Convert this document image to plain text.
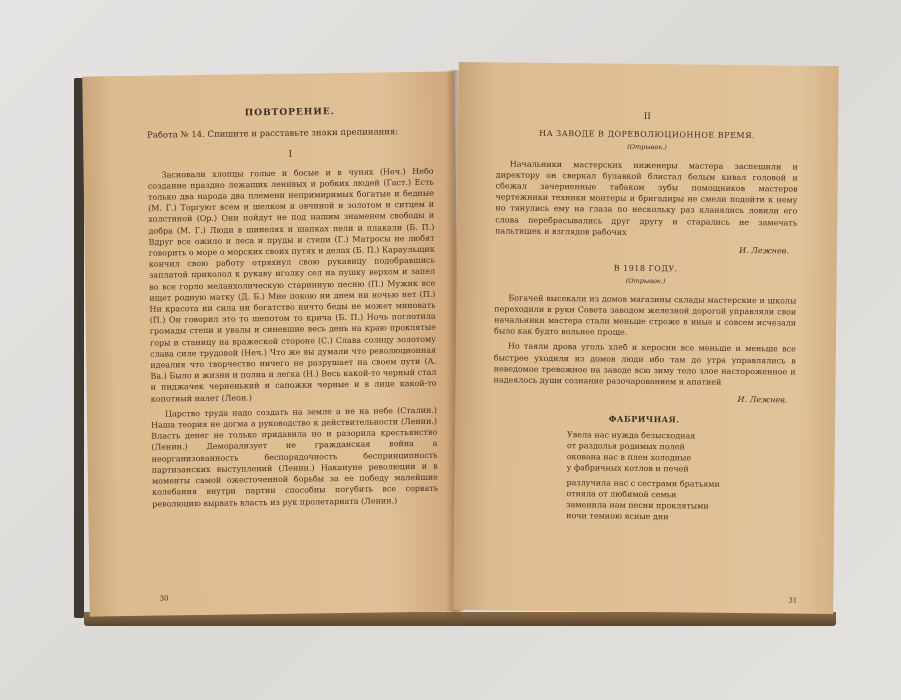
ПОВТОРЕНИЕ.
Работа № 14. Спишите и расставьте знаки препинания:
I

Засновали хлопцы голые и босые и в чунях (Неч.) Небо создание праздно лежащих ленивых и робких людей (Гаст.) Есть только два народа два племени непримиримых богатые и бедные (М. Г.) Торгуют всем и шелком и овчиной и золотом и ситцем и холстиной (Ор.) Они пойдут не под нашим знаменем свободы и добра (М. Г.) Люди в шинелях и шапках пели и плакали (Б. П.) Вдруг все ожило и леса и пруды и степи (Г.) Матросы не любят говорить о море о морских своих путях и делах (Б. П.) Караульщик кончил свою работу отряхнул свою рукавицу подобравшись заплатой приколол к рукаву иголку сел на пушку верхом и запел во все горло меланхолическую старинную песню (П.) Мужик все ищет родную матку (Д. Б.) Мне покою ни днем ни ночью нет (П.) Ни красота ни сила ни богатство ничто беды не может миновать (П.) Он говорил это то шепотом то крича (Б. П.) Ночь поглотила громады степи и увалы и синевшие весь день на краю проклятые горы и станицу на вражеской стороне (С.) Слава солнцу золотому слава силе трудовой (Неч.) Что же вы думали что революционная идеалия что творчество ничего не разрушает на своем пути (А. Ва.) Было и жизни и полна и легка (Н.) Весь какой-то черный стал и пиджачек черненький и сапожки черные и в лице какой-то копотный налет (Леон.)

Царство труда надо создать на земле а не на небе (Сталин.) Наша теория не догма а руководство к действительности (Ленин.) Власть денег не только придавила но и разорила крестьянство (Ленин.) Деморализует не гражданская война а неорганизованность беспорядочность беспринципность партизанских выступлений (Ленин.) Накануне революции и в моменты самой ожесточенной борьбы за ее победу малейшие колебания внутри партии способны погубить все сорвать революцию вырвать власть из рук пролетариата (Ленин.)

30
II
НА ЗАВОДЕ В ДОРЕВОЛЮЦИОННОЕ ВРЕМЯ.
(Отрывок.)

Начальники мастерских инженеры мастера заспешили и директору он сверкал булавкой блистал белым кивал головой и сбежал зачерненные табаком зубы помощников мастеров чертежники техники монтеры и бригадиры не смели подойти к нему но тянулись ему на глаза по нескольку раз кланялись ловили его слова перебрасывались друг другу и старались не замечать пальтишек и взглядов рабочих

И. Лежнев.
В 1918 ГОДУ.
(Отрывок.)

Богачей высекали из домов магазины склады мастерские и школы переходили в руки Совета заводом железной дорогой управляли свои начальники мастера стали меньше строже в иные и совсем исчезали было как будто вольнее проще.

Но таяли дрова уголь хлеб и керосин все меньше и меньше все быстрее уходили из домов люди ибо там до утра управлялись в неведомое тревожное на заводе всю зиму тело злое настороженное и надеялось души сознание разочарованием и апатией

И. Лежнев.
ФАБРИЧНАЯ.
Увела нас нужда безысходная
от раздолья родимых полей
окована нас в плен холодные
у фабричных котлов и печей
разлучила нас с сестрами братьями
отняла от любимой семьи
заменила нам песни проклятыми
ночи темною ясные дни
31
